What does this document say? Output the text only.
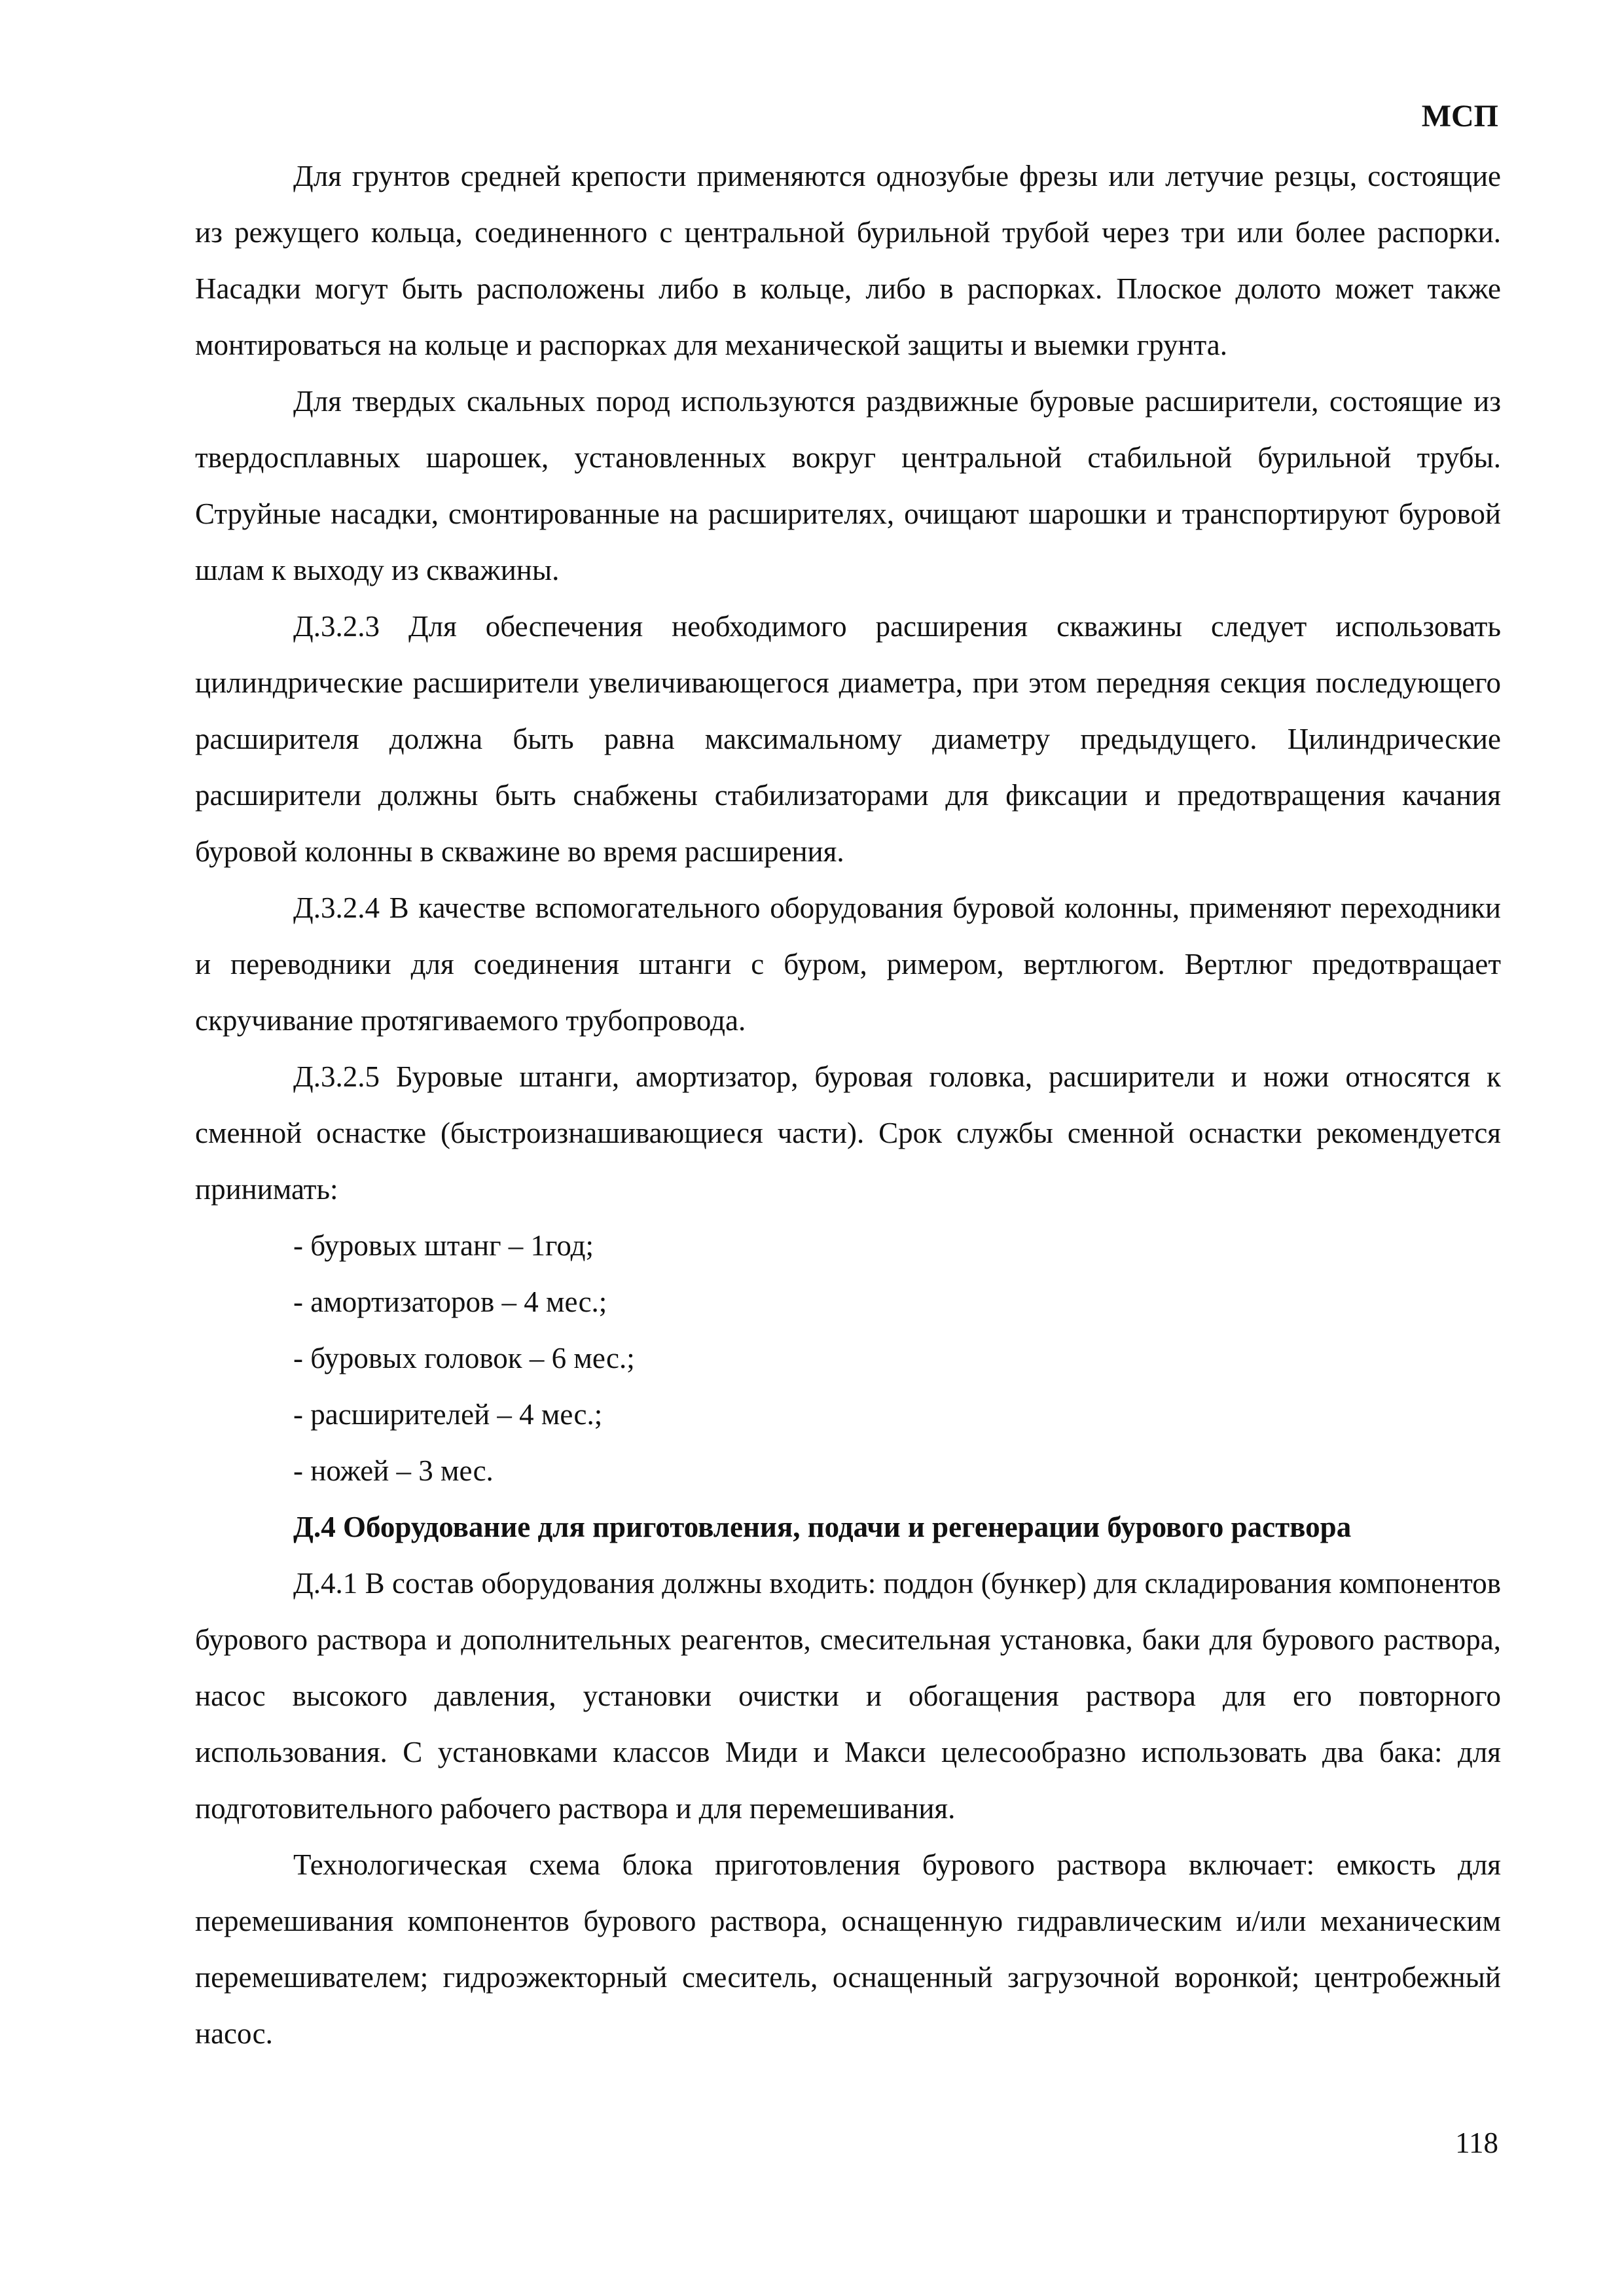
МСП

Для грунтов средней крепости применяются однозубые фрезы или летучие резцы, состоящие из режущего кольца, соединенного с центральной бурильной трубой через три или более распорки. Насадки могут быть расположены либо в кольце, либо в распорках. Плоское долото может также монтироваться на кольце и распорках для механической защиты и выемки грунта.

Для твердых скальных пород используются раздвижные буровые расширители, состоящие из твердосплавных шарошек, установленных вокруг центральной стабильной бурильной трубы. Струйные насадки, смонтированные на расширителях, очищают шарошки и транспортируют буровой шлам к выходу из скважины.

Д.3.2.3 Для обеспечения необходимого расширения скважины следует использовать цилиндрические расширители увеличивающегося диаметра, при этом передняя секция последующего расширителя должна быть равна максимальному диаметру предыдущего. Цилиндрические расширители должны быть снабжены стабилизаторами для фиксации и предотвращения качания буровой колонны в скважине во время расширения.

Д.3.2.4 В качестве вспомогательного оборудования буровой колонны, применяют переходники и переводники для соединения штанги с буром, римером, вертлюгом. Вертлюг предотвращает скручивание протягиваемого трубопровода.

Д.3.2.5 Буровые штанги, амортизатор, буровая головка, расширители и ножи относятся к сменной оснастке (быстроизнашивающиеся части). Срок службы сменной оснастки рекомендуется принимать:

- буровых штанг – 1год;
- амортизаторов – 4 мес.;
- буровых головок – 6 мес.;
- расширителей – 4 мес.;
- ножей – 3 мес.
Д.4 Оборудование для приготовления, подачи и регенерации бурового раствора

Д.4.1 В состав оборудования должны входить: поддон (бункер) для складирования компонентов бурового раствора и дополнительных реагентов, смесительная установка, баки для бурового раствора, насос высокого давления, установки очистки и обогащения раствора для его повторного использования. С установками классов Миди и Макси целесообразно использовать два бака: для подготовительного рабочего раствора и для перемешивания.

Технологическая схема блока приготовления бурового раствора включает: емкость для перемешивания компонентов бурового раствора, оснащенную гидравлическим и/или механическим перемешивателем; гидроэжекторный смеситель, оснащенный загрузочной воронкой; центробежный насос.

118
